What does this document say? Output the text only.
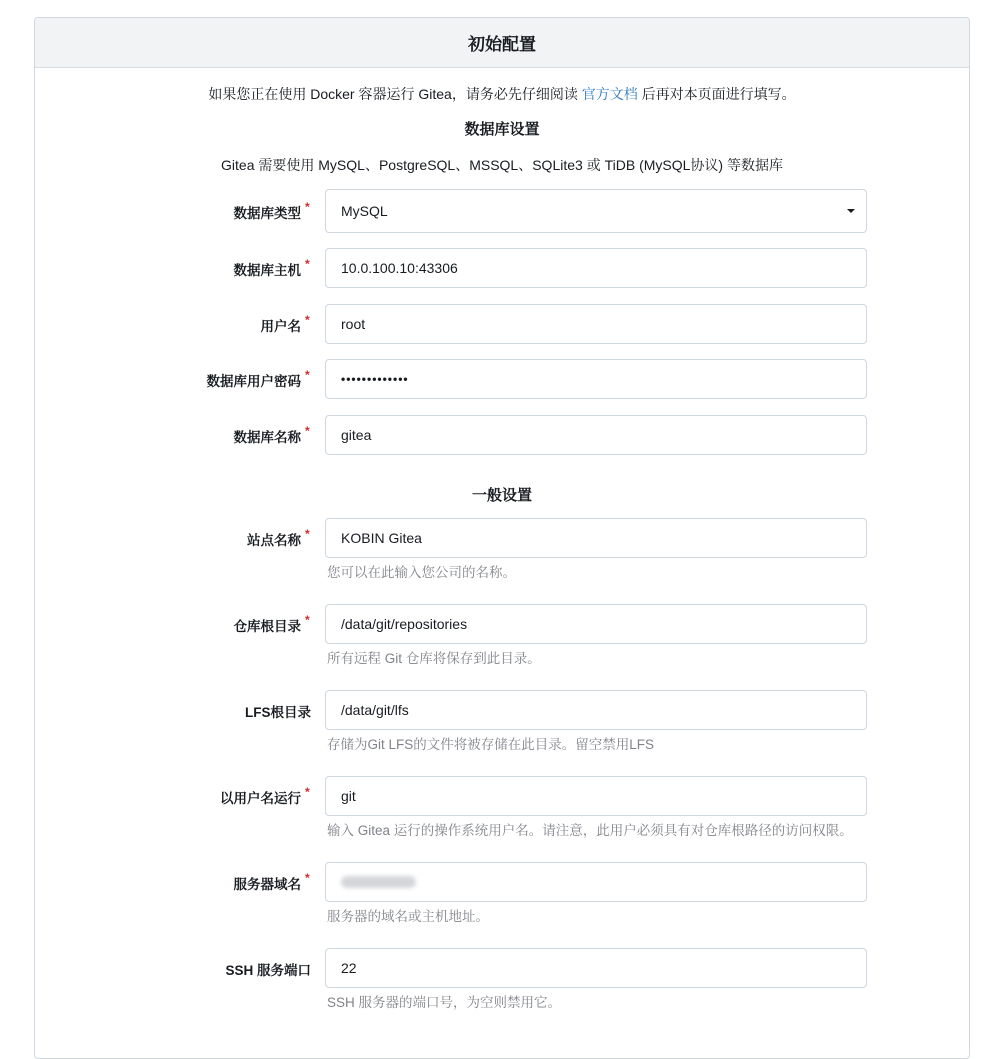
初始配置
如果您正在使用 Docker 容器运行 Gitea，请务必先仔细阅读 官方文档 后再对本页面进行填写。
数据库设置
Gitea 需要使用 MySQL、PostgreSQL、MSSQL、SQLite3 或 TiDB (MySQL协议) 等数据库
数据库类型 * MySQL
数据库主机 * 10.0.100.10:43306
用户名 * root
数据库用户密码 *	•••••••••••••
数据库名称 * gitea
一般设置
站点名称 * KOBIN Gitea
您可以在此输入您公司的名称。
仓库根目录 * /data/git/repositories
所有远程 Git 仓库将保存到此目录。
LFS根目录 /data/git/lfs
存储为Git LFS的文件将被存储在此目录。留空禁用LFS
以用户名运行 * git
输入 Gitea 运行的操作系统用户名。请注意，此用户必须具有对仓库根路径的访问权限。
服务器域名 *
服务器的域名或主机地址。
SSH 服务端口 22
SSH 服务器的端口号，为空则禁用它。
